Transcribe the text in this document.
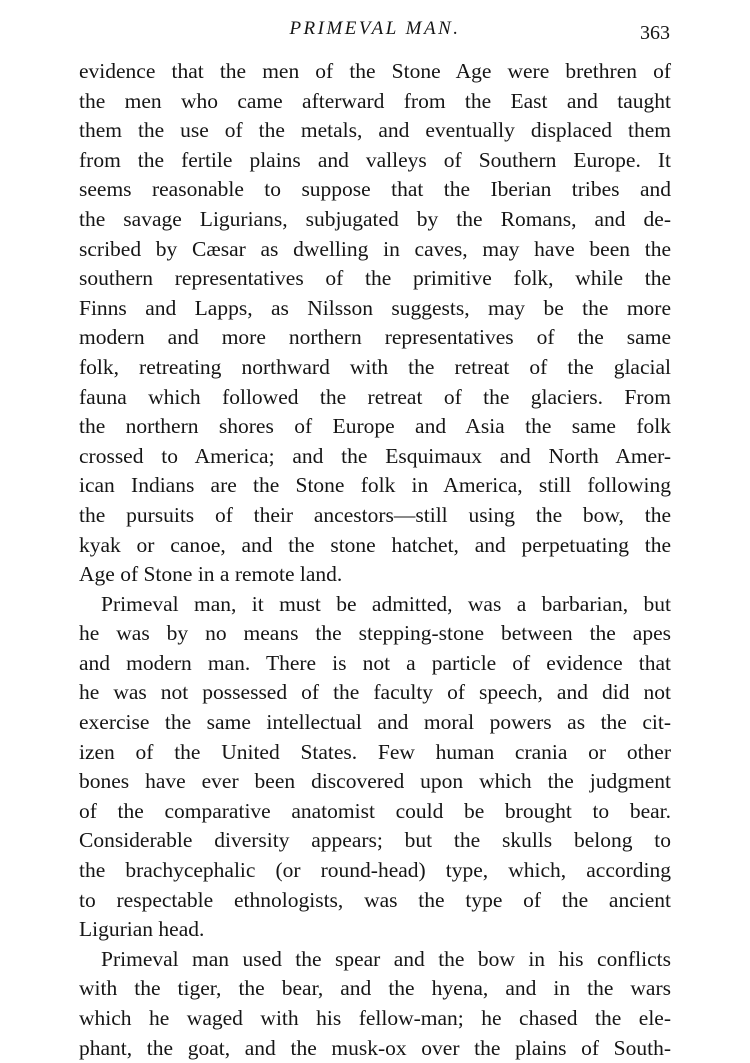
PRIMEVAL MAN.	363

evidence that the men of the Stone Age were brethren of
the men who came afterward from the East and taught
them the use of the metals, and eventually displaced them
from the fertile plains and valleys of Southern Europe. It
seems reasonable to suppose that the Iberian tribes and
the savage Ligurians, subjugated by the Romans, and de-
scribed by Cæsar as dwelling in caves, may have been the
southern representatives of the primitive folk, while the
Finns and Lapps, as Nilsson suggests, may be the more
modern and more northern representatives of the same
folk, retreating northward with the retreat of the glacial
fauna which followed the retreat of the glaciers. From
the northern shores of Europe and Asia the same folk
crossed to America; and the Esquimaux and North Amer-
ican Indians are the Stone folk in America, still following
the pursuits of their ancestors—still using the bow, the
kyak or canoe, and the stone hatchet, and perpetuating the
Age of Stone in a remote land.

Primeval man, it must be admitted, was a barbarian, but
he was by no means the stepping-stone between the apes
and modern man. There is not a particle of evidence that
he was not possessed of the faculty of speech, and did not
exercise the same intellectual and moral powers as the cit-
izen of the United States. Few human crania or other
bones have ever been discovered upon which the judgment
of the comparative anatomist could be brought to bear.
Considerable diversity appears; but the skulls belong to
the brachycephalic (or round-head) type, which, according
to respectable ethnologists, was the type of the ancient
Ligurian head.

Primeval man used the spear and the bow in his conflicts
with the tiger, the bear, and the hyena, and in the wars
which he waged with his fellow-man; he chased the ele-
phant, the goat, and the musk-ox over the plains of South-
